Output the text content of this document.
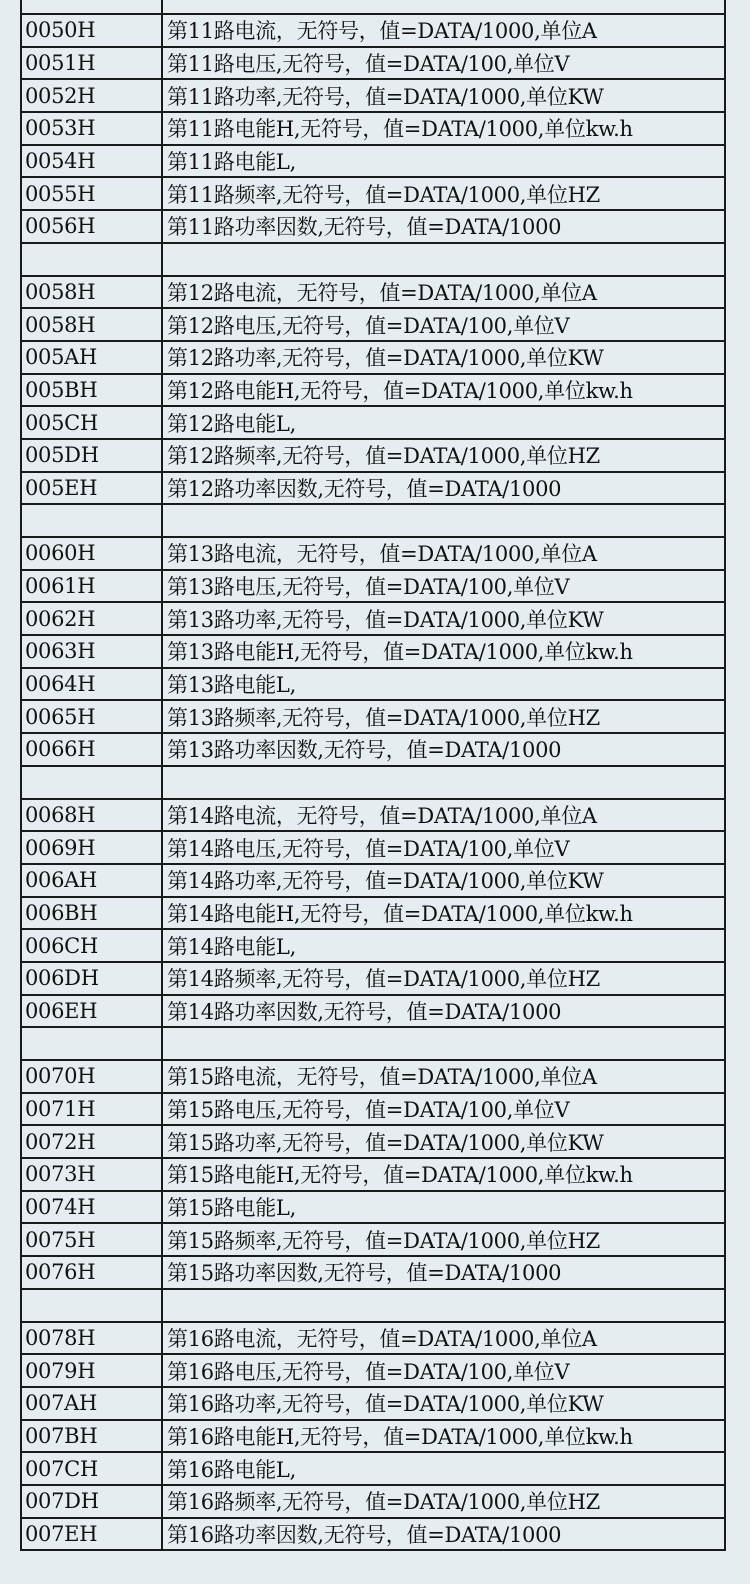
0050H	第11路电流，无符号，值=DATA/1000,单位A
0051H	第11路电压,无符号，值=DATA/100,单位V
0052H	第11路功率,无符号，值=DATA/1000,单位KW
0053H	第11路电能H,无符号，值=DATA/1000,单位kw.h
0054H	第11路电能L,
0055H	第11路频率,无符号，值=DATA/1000,单位HZ
0056H	第11路功率因数,无符号，值=DATA/1000
0058H	第12路电流，无符号，值=DATA/1000,单位A
0058H	第12路电压,无符号，值=DATA/100,单位V
005AH	第12路功率,无符号，值=DATA/1000,单位KW
005BH	第12路电能H,无符号，值=DATA/1000,单位kw.h
005CH	第12路电能L,
005DH	第12路频率,无符号，值=DATA/1000,单位HZ
005EH	第12路功率因数,无符号，值=DATA/1000
0060H	第13路电流，无符号，值=DATA/1000,单位A
0061H	第13路电压,无符号，值=DATA/100,单位V
0062H	第13路功率,无符号，值=DATA/1000,单位KW
0063H	第13路电能H,无符号，值=DATA/1000,单位kw.h
0064H	第13路电能L,
0065H	第13路频率,无符号，值=DATA/1000,单位HZ
0066H	第13路功率因数,无符号，值=DATA/1000
0068H	第14路电流，无符号，值=DATA/1000,单位A
0069H	第14路电压,无符号，值=DATA/100,单位V
006AH	第14路功率,无符号，值=DATA/1000,单位KW
006BH	第14路电能H,无符号，值=DATA/1000,单位kw.h
006CH	第14路电能L,
006DH	第14路频率,无符号，值=DATA/1000,单位HZ
006EH	第14路功率因数,无符号，值=DATA/1000
0070H	第15路电流，无符号，值=DATA/1000,单位A
0071H	第15路电压,无符号，值=DATA/100,单位V
0072H	第15路功率,无符号，值=DATA/1000,单位KW
0073H	第15路电能H,无符号，值=DATA/1000,单位kw.h
0074H	第15路电能L,
0075H	第15路频率,无符号，值=DATA/1000,单位HZ
0076H	第15路功率因数,无符号，值=DATA/1000
0078H	第16路电流，无符号，值=DATA/1000,单位A
0079H	第16路电压,无符号，值=DATA/100,单位V
007AH	第16路功率,无符号，值=DATA/1000,单位KW
007BH	第16路电能H,无符号，值=DATA/1000,单位kw.h
007CH	第16路电能L,
007DH	第16路频率,无符号，值=DATA/1000,单位HZ
007EH	第16路功率因数,无符号，值=DATA/1000
